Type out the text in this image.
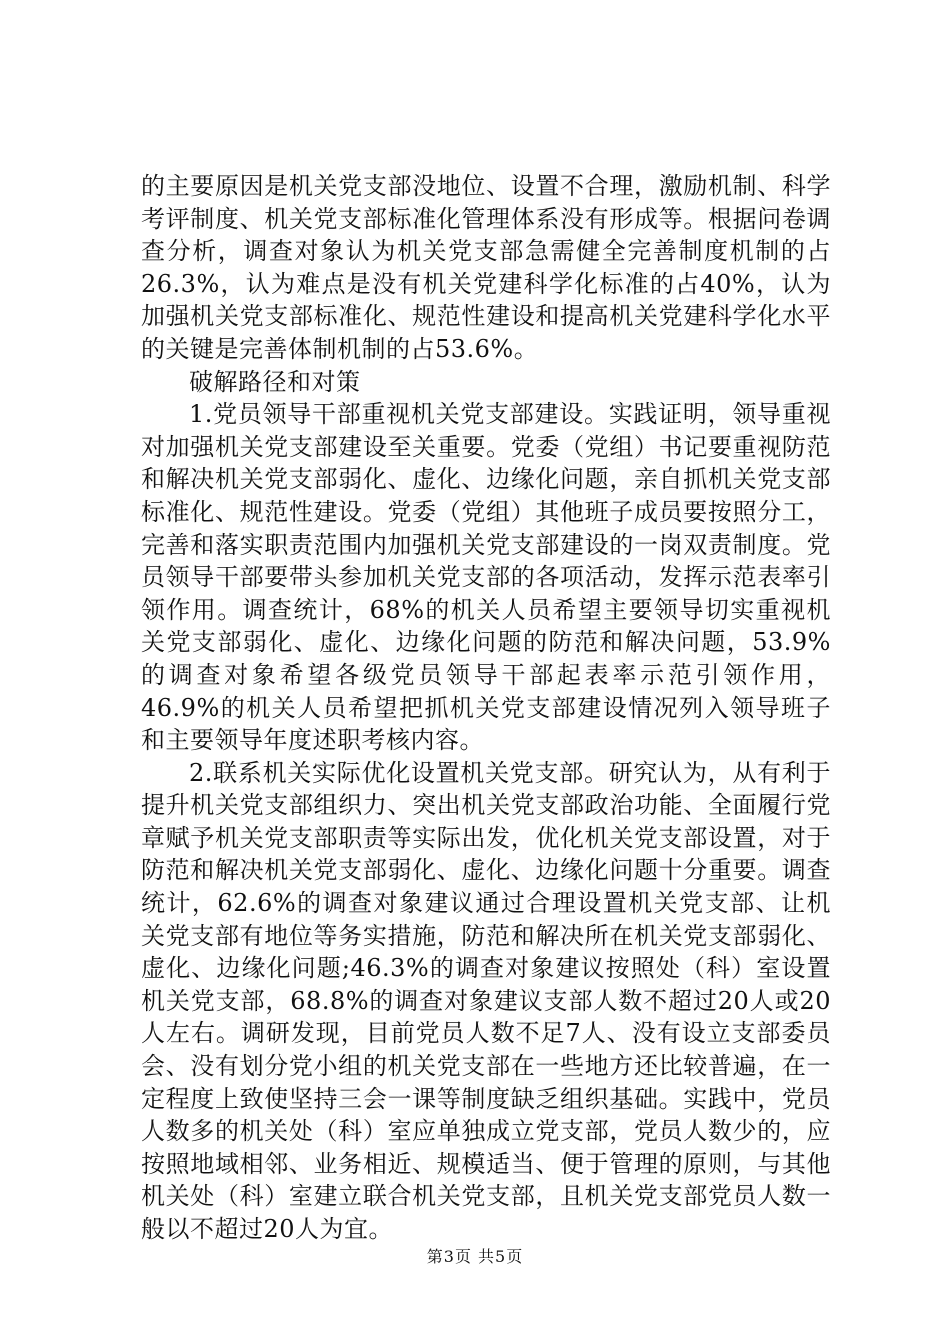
的主要原因是机关党支部没地位、设置不合理，激励机制、科学考评制度、机关党支部标准化管理体系没有形成等。根据问卷调查分析，调查对象认为机关党支部急需健全完善制度机制的占26.3%，认为难点是没有机关党建科学化标准的占40%，认为加强机关党支部标准化、规范性建设和提高机关党建科学化水平的关键是完善体制机制的占53.6%。

破解路径和对策

1.党员领导干部重视机关党支部建设。实践证明，领导重视对加强机关党支部建设至关重要。党委（党组）书记要重视防范和解决机关党支部弱化、虚化、边缘化问题，亲自抓机关党支部标准化、规范性建设。党委（党组）其他班子成员要按照分工，完善和落实职责范围内加强机关党支部建设的一岗双责制度。党员领导干部要带头参加机关党支部的各项活动，发挥示范表率引领作用。调查统计，68%的机关人员希望主要领导切实重视机关党支部弱化、虚化、边缘化问题的防范和解决问题，53.9%的调查对象希望各级党员领导干部起表率示范引领作用，46.9%的机关人员希望把抓机关党支部建设情况列入领导班子和主要领导年度述职考核内容。

2.联系机关实际优化设置机关党支部。研究认为，从有利于提升机关党支部组织力、突出机关党支部政治功能、全面履行党章赋予机关党支部职责等实际出发，优化机关党支部设置，对于防范和解决机关党支部弱化、虚化、边缘化问题十分重要。调查统计，62.6%的调查对象建议通过合理设置机关党支部、让机关党支部有地位等务实措施，防范和解决所在机关党支部弱化、虚化、边缘化问题;46.3%的调查对象建议按照处（科）室设置机关党支部，68.8%的调查对象建议支部人数不超过20人或20人左右。调研发现，目前党员人数不足7人、没有设立支部委员会、没有划分党小组的机关党支部在一些地方还比较普遍，在一定程度上致使坚持三会一课等制度缺乏组织基础。实践中，党员人数多的机关处（科）室应单独成立党支部，党员人数少的，应按照地域相邻、业务相近、规模适当、便于管理的原则，与其他机关处（科）室建立联合机关党支部，且机关党支部党员人数一般以不超过20人为宜。

第3页 共5页
